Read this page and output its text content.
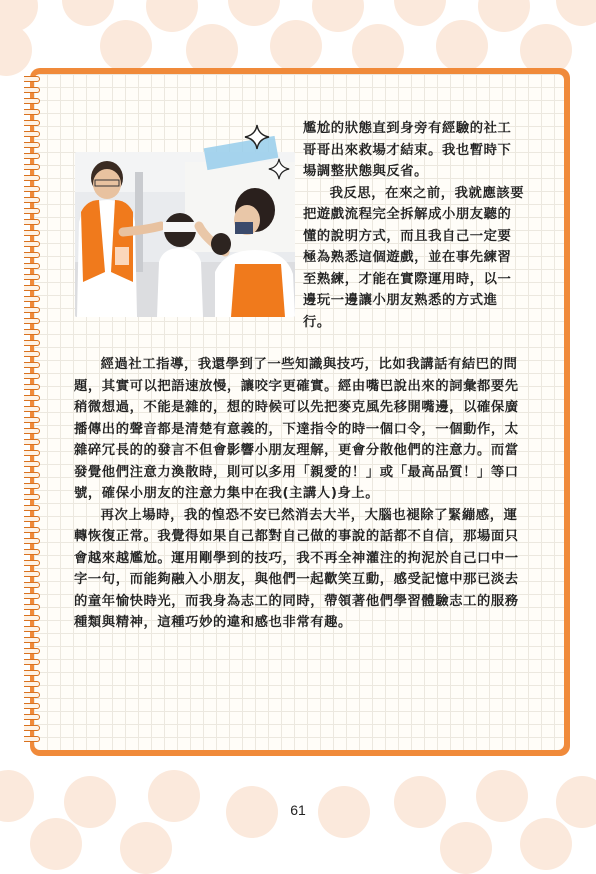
尷尬的狀態直到身旁有經驗的社工哥哥出來救場才結束。我也暫時下場調整狀態與反省。

我反思，在來之前，我就應該要把遊戲流程完全拆解成小朋友聽的懂的說明方式，而且我自己一定要極為熟悉這個遊戲，並在事先練習至熟練，才能在實際運用時，以一邊玩一邊讓小朋友熟悉的方式進行。

經過社工指導，我還學到了一些知識與技巧，比如我講話有結巴的問題，其實可以把語速放慢，讓咬字更確實。經由嘴巴說出來的詞彙都要先稍微想過，不能是雜的，想的時候可以先把麥克風先移開嘴邊，以確保廣播傳出的聲音都是清楚有意義的，下達指令的時一個口令，一個動作，太雜碎冗長的的發言不但會影響小朋友理解，更會分散他們的注意力。而當發覺他們注意力渙散時，則可以多用「親愛的！」或「最高品質！」等口號，確保小朋友的注意力集中在我(主講人)身上。

再次上場時，我的惶恐不安已然消去大半，大腦也褪除了緊繃感，運轉恢復正常。我覺得如果自己都對自己做的事說的話都不自信，那場面只會越來越尷尬。運用剛學到的技巧，我不再全神灌注的拘泥於自己口中一字一句，而能夠融入小朋友，與他們一起歡笑互動，感受記憶中那已淡去的童年愉快時光，而我身為志工的同時，帶領著他們學習體驗志工的服務種類與精神，這種巧妙的違和感也非常有趣。

61
